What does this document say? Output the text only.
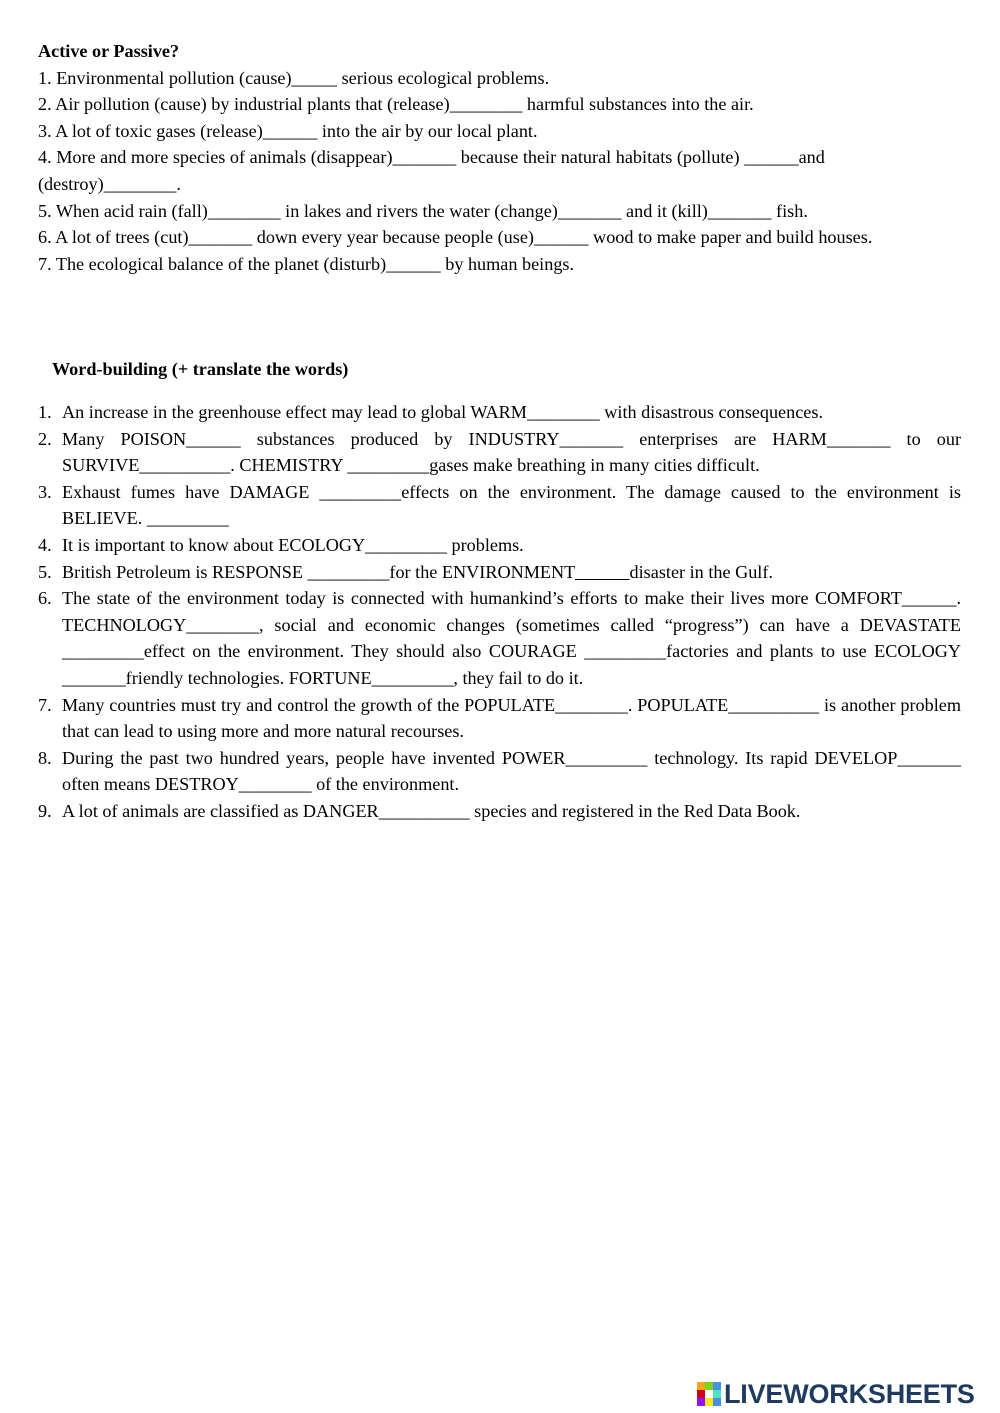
Active or Passive?
1. Environmental pollution (cause)_____ serious ecological problems.
2. Air pollution (cause) by industrial plants that (release)________ harmful substances into the air.
3. A lot of toxic gases (release)______ into the air by our local plant.
4. More and more species of animals (disappear)_______ because their natural habitats (pollute) ______and (destroy)________.
5. When acid rain (fall)________ in lakes and rivers the water (change)_______ and it (kill)_______ fish.
6. A lot of trees (cut)_______ down every year because people (use)______ wood to make paper and build houses.
7. The ecological balance of the planet (disturb)______ by human beings.
Word-building (+ translate the words)
1. An increase in the greenhouse effect may lead to global WARM________ with disastrous consequences.
2. Many POISON______ substances produced by INDUSTRY_______ enterprises are HARM_______ to our SURVIVE__________. CHEMISTRY _________gases make breathing in many cities difficult.
3. Exhaust fumes have DAMAGE _________effects on the environment. The damage caused to the environment is BELIEVE. _________
4. It is important to know about ECOLOGY_________ problems.
5. British Petroleum is RESPONSE _________for the ENVIRONMENT	disaster in the Gulf.
6. The state of the environment today is connected with humankind’s efforts to make their lives more COMFORT______. TECHNOLOGY________, social and economic changes (sometimes called “progress”) can have a DEVASTATE _________effect on the environment. They should also COURAGE _________factories and plants to use ECOLOGY _______friendly technologies. FORTUNE_________, they fail to do it.
7. Many countries must try and control the growth of the POPULATE________. POPULATE__________ is another problem that can lead to using more and more natural recourses.
8. During the past two hundred years, people have invented POWER_________ technology. Its rapid DEVELOP_______ often means DESTROY________ of the environment.
9. A lot of animals are classified as DANGER__________ species and registered in the Red Data Book.
LIVEWORKSHEETS
